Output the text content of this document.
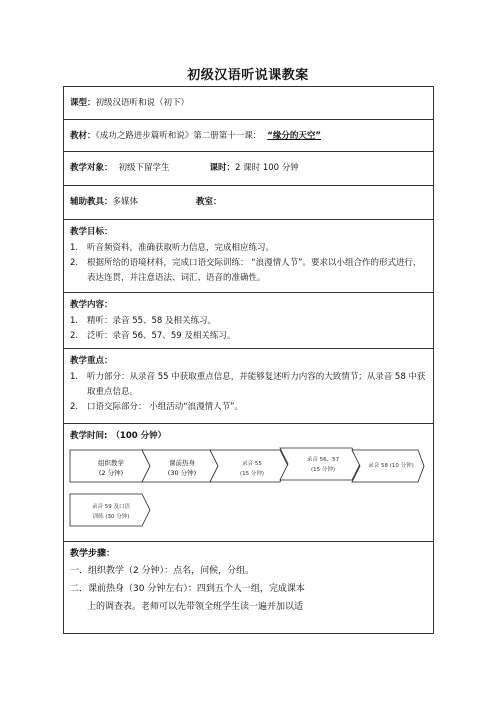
初级汉语听说课教案
课型：初级汉语听和说（初下）
教材：《成功之路进步篇听和说》第二册第十一课： “缘分的天空”
教学对象： 初级下留学生	课时：2 课时 100 分钟
辅助教具：多媒体	教室：

教学目标：
1. 听音频资料，准确获取听力信息，完成相应练习。
2. 根据所给的语境材料，完成口语交际训练： “浪漫情人节”。要求以小组合作的形式进行，表达连贯，并注意语法、词汇、语音的准确性。

教学内容：
1. 精听：录音 55、58 及相关练习。
2. 泛听：录音 56、57、59 及相关练习。

教学重点：
1. 听力部分：从录音 55 中获取重点信息，并能够复述听力内容的大致情节；从录音 58 中获取重点信息。
2. 口语交际部分： 小组活动“浪漫情人节”。

教学时间: （100 分钟）
组织教学
(2 分钟)
课前热身
(30 分钟)
录音 55
(15 分钟)
录音 56、57
(15 分钟)
录音 58 (10 分钟)
录音 59 及口语
训练 (30 分钟)

教学步骤：
一．组织教学（2 分钟）：点名，问候，分组。
二．课前热身（30 分钟左右）：四到五个人一组，完成课本
上的调查表。老师可以先带领全班学生读一遍并加以适
